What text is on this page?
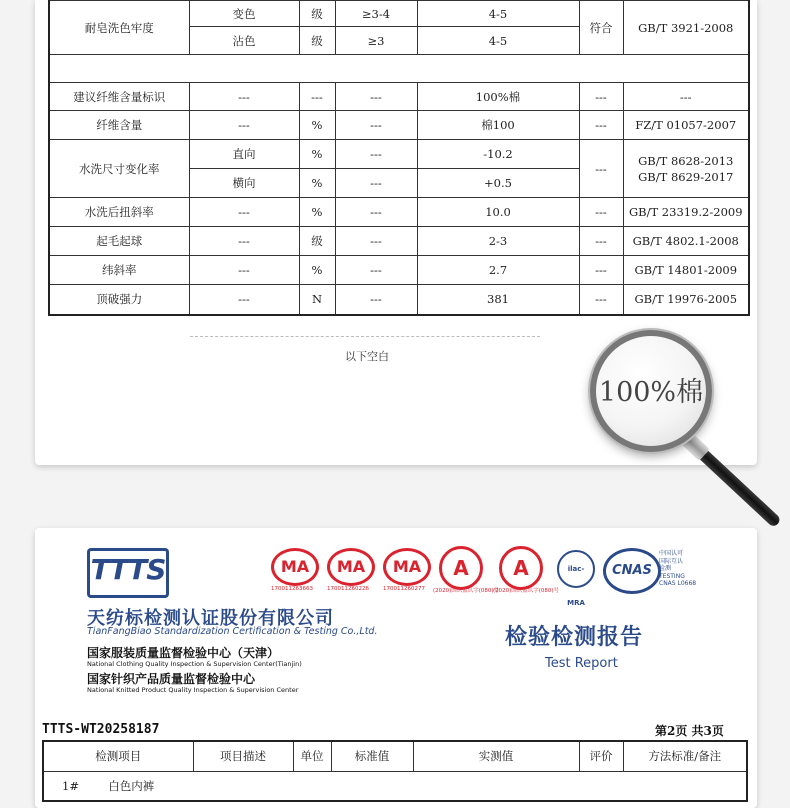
耐皂洗色牢度	变色	级	≥3-4	4-5	符合	GB/T 3921-2008
	沾色	级	≥3	4-5		

建议纤维含量标识	---	---	---	100%棉	---	---
纤维含量	---	%	---	棉100	---	FZ/T 01057-2007
水洗尺寸变化率	直向	%	---	-10.2	---	GB/T 8628-2013 GB/T 8629-2017
	横向	%	---	+0.5		
水洗后扭斜率	---	%	---	10.0	---	GB/T 23319.2-2009
起毛起球	---	级	---	2-3	---	GB/T 4802.1-2008
纬斜率	---	%	---	2.7	---	GB/T 14801-2009
顶破强力	---	N	---	381	---	GB/T 19976-2005
以下空白
100%棉
TTTS	MA
170011263663
MA
170011260226
MA
170011260277
A
(2020)国认监认字(080)号
A
(2020)国认监认字(080)号
ilac-MRA
CNAS
中国认可
国际互认
检测
TESTING
CNAS L0668
天纺标检测认证股份有限公司
TianFangBiao Standardization Certification & Testing Co.,Ltd.
国家服装质量监督检验中心（天津）
National Clothing Quality Inspection & Supervision Center(Tianjin)
国家针织产品质量监督检验中心
National Knitted Product Quality Inspection & Supervision Center
检验检测报告
Test Report
TTTS-WT20258187	第2页 共3页
检测项目	项目描述	单位	标准值	实测值	评价	方法标准/备注
1#	白色内裤
